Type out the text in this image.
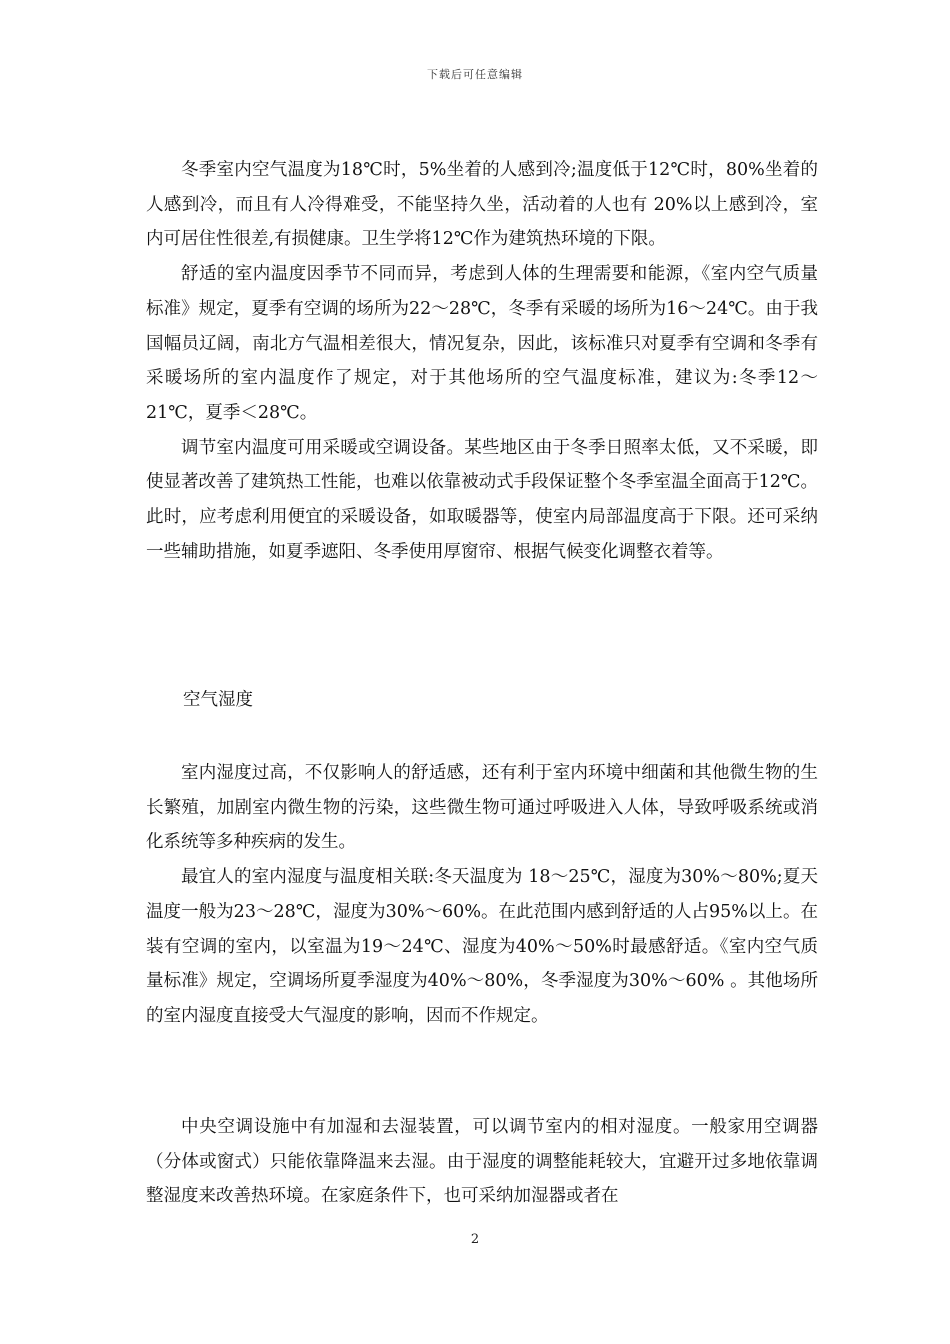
下载后可任意编辑

冬季室内空气温度为18℃时，5%坐着的人感到冷;温度低于12℃时，80%坐着的人感到冷，而且有人冷得难受，不能坚持久坐，活动着的人也有 20%以上感到冷，室内可居住性很差,有损健康。卫生学将12℃作为建筑热环境的下限。

舒适的室内温度因季节不同而异，考虑到人体的生理需要和能源，《室内空气质量标准》规定，夏季有空调的场所为22～28℃，冬季有采暖的场所为16～24℃。由于我国幅员辽阔，南北方气温相差很大，情况复杂，因此，该标准只对夏季有空调和冬季有采暖场所的室内温度作了规定，对于其他场所的空气温度标准，建议为:冬季12～21℃，夏季＜28℃。

调节室内温度可用采暖或空调设备。某些地区由于冬季日照率太低，又不采暖，即使显著改善了建筑热工性能，也难以依靠被动式手段保证整个冬季室温全面高于12℃。此时，应考虑利用便宜的采暖设备，如取暖器等，使室内局部温度高于下限。还可采纳一些辅助措施，如夏季遮阳、冬季使用厚窗帘、根据气候变化调整衣着等。

空气湿度

室内湿度过高，不仅影响人的舒适感，还有利于室内环境中细菌和其他微生物的生长繁殖，加剧室内微生物的污染，这些微生物可通过呼吸进入人体，导致呼吸系统或消化系统等多种疾病的发生。

最宜人的室内湿度与温度相关联:冬天温度为 18～25℃，湿度为30%～80%;夏天温度一般为23～28℃，湿度为30%～60%。在此范围内感到舒适的人占95%以上。在装有空调的室内，以室温为19～24℃、湿度为40%～50%时最感舒适。《室内空气质量标准》规定，空调场所夏季湿度为40%～80%，冬季湿度为30%～60% 。其他场所的室内湿度直接受大气湿度的影响，因而不作规定。

中央空调设施中有加湿和去湿装置，可以调节室内的相对湿度。一般家用空调器（分体或窗式）只能依靠降温来去湿。由于湿度的调整能耗较大，宜避开过多地依靠调整湿度来改善热环境。在家庭条件下，也可采纳加湿器或者在

2
